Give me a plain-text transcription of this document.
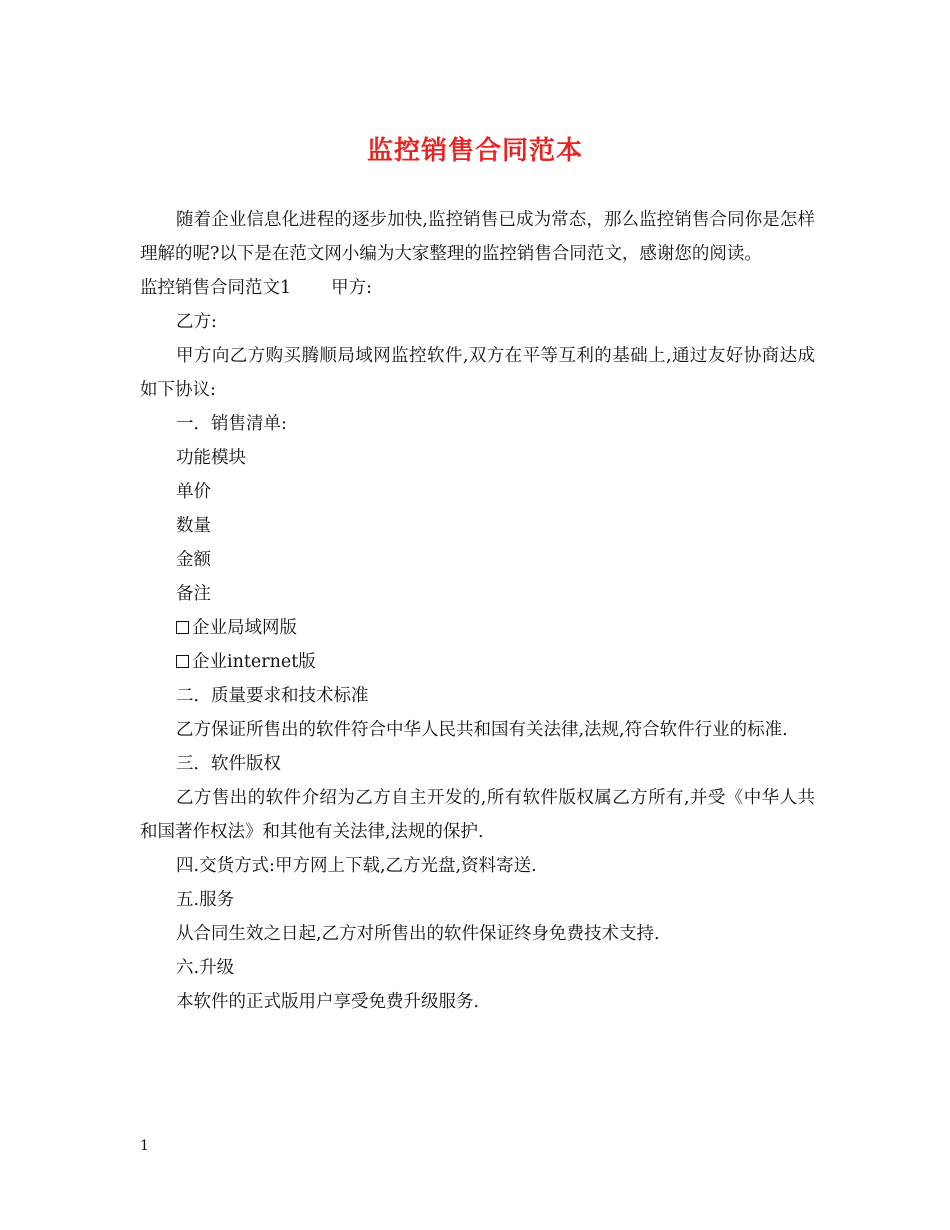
监控销售合同范本

随着企业信息化进程的逐步加快,监控销售已成为常态，那么监控销售合同你是怎样理解的呢?以下是在范文网小编为大家整理的监控销售合同范文，感谢您的阅读。

监控销售合同范文1 甲方:

乙方:

甲方向乙方购买腾顺局域网监控软件,双方在平等互利的基础上,通过友好协商达成如下协议:

一．销售清单:

功能模块

单价

数量

金额

备注

企业局域网版

企业internet版

二．质量要求和技术标准

乙方保证所售出的软件符合中华人民共和国有关法律,法规,符合软件行业的标准.

三．软件版权

乙方售出的软件介绍为乙方自主开发的,所有软件版权属乙方所有,并受《中华人共和国著作权法》和其他有关法律,法规的保护.

四.交货方式:甲方网上下载,乙方光盘,资料寄送.

五.服务

从合同生效之日起,乙方对所售出的软件保证终身免费技术支持.

六.升级

本软件的正式版用户享受免费升级服务.

1
